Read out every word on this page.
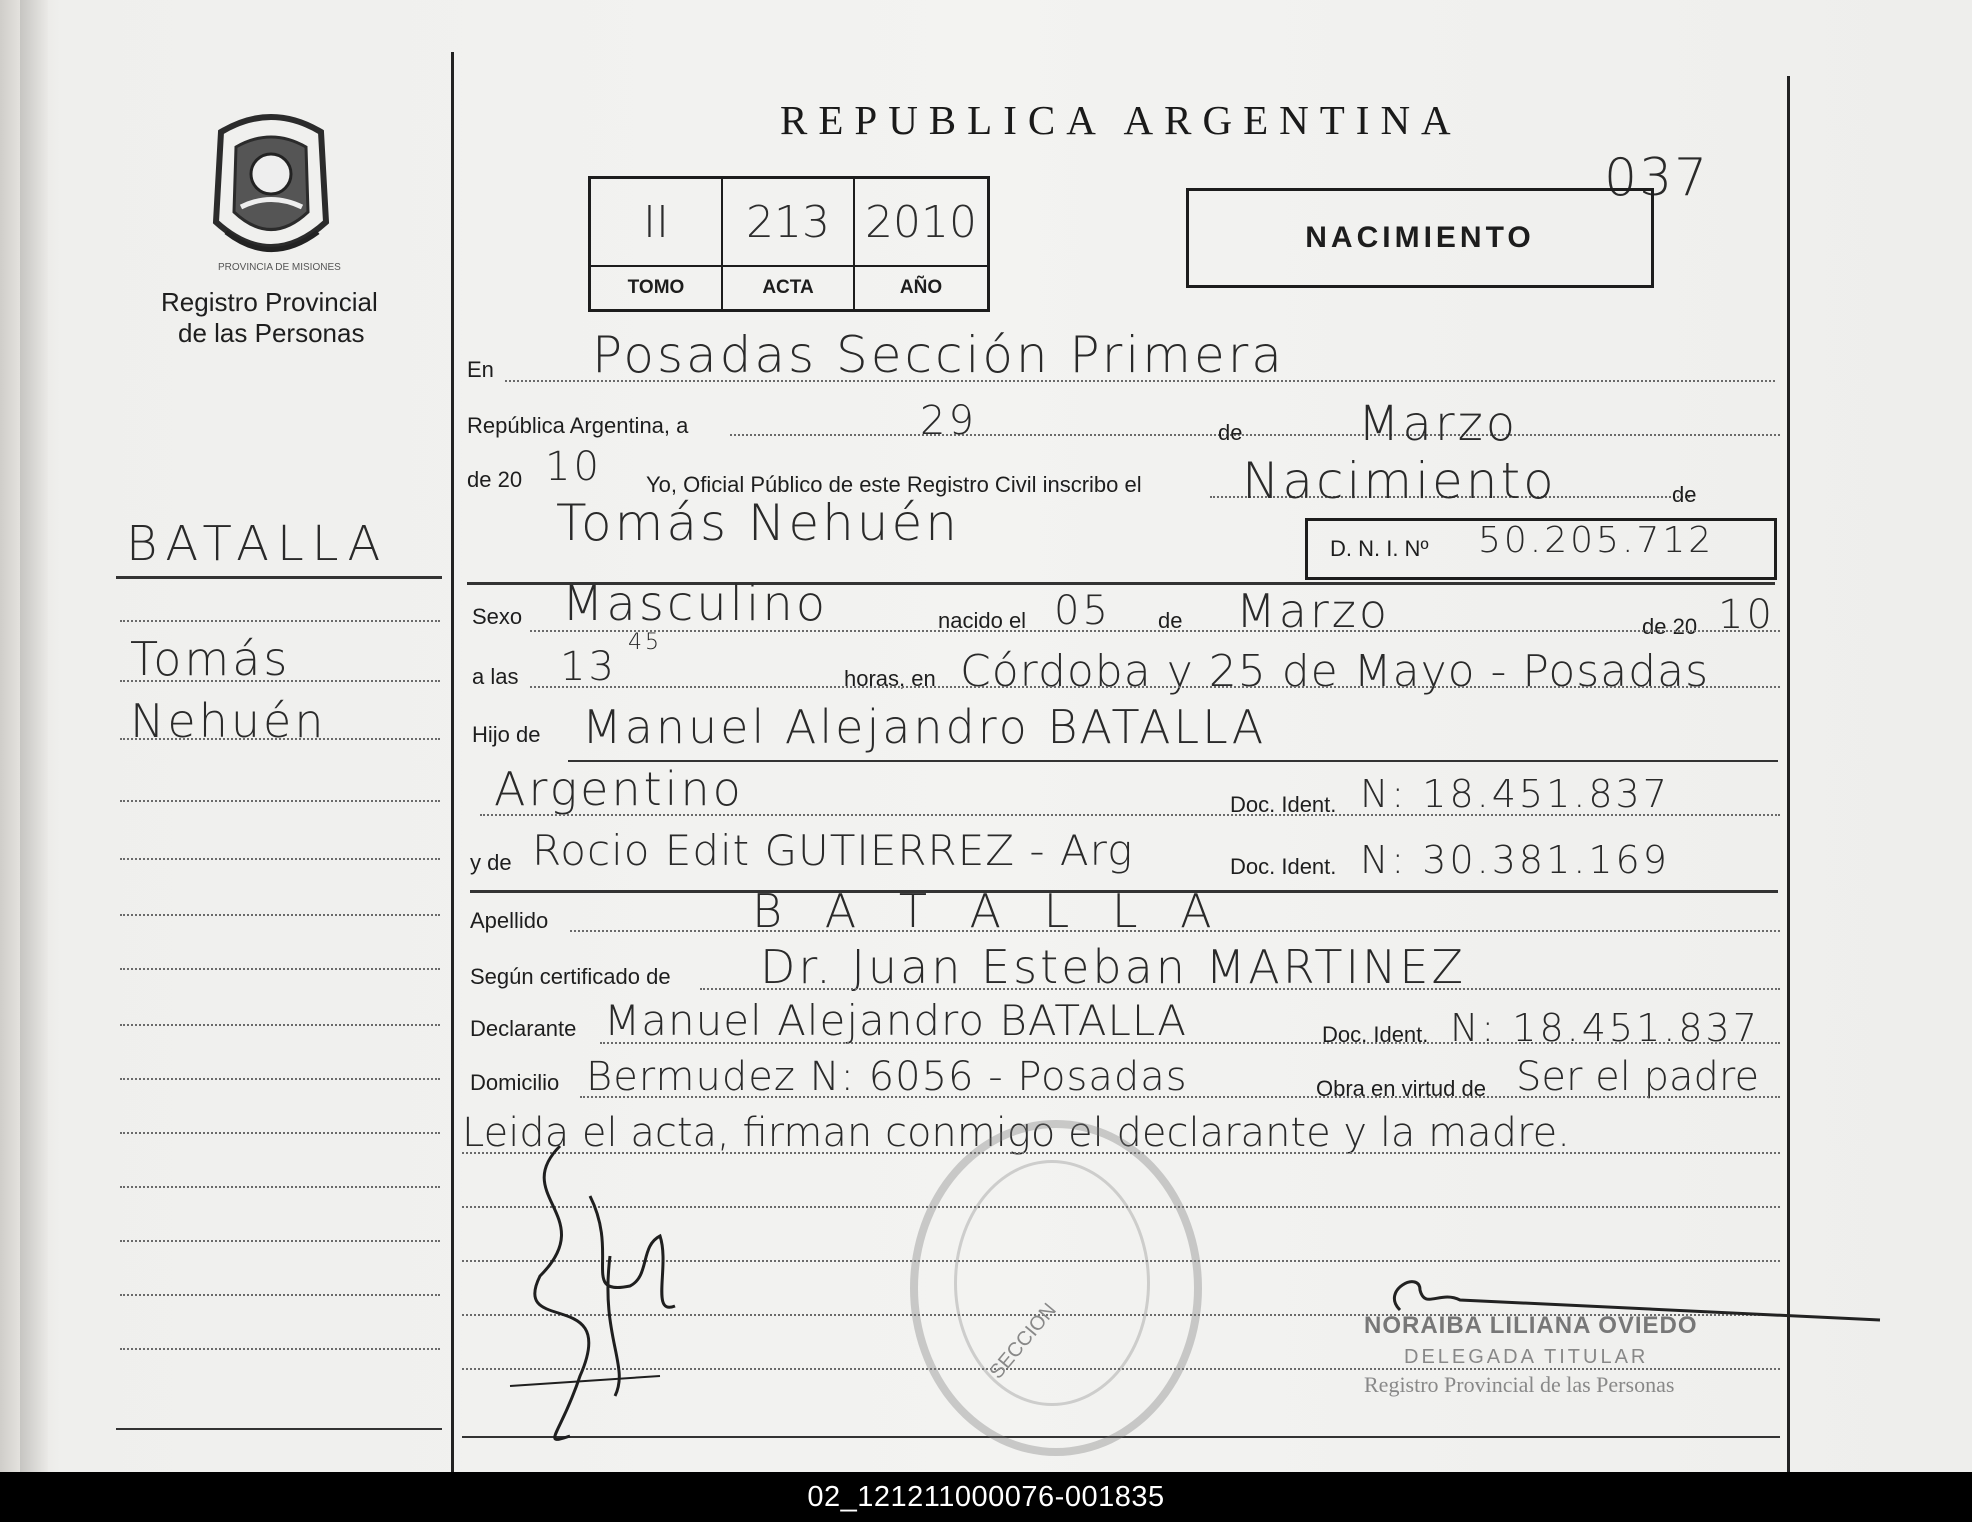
PROVINCIA DE MISIONES
Registro Provincial
de las Personas
REPUBLICA ARGENTINA
037
II	213 2010
TOMO	ACTA	AÑO
NACIMIENTO
BATALLA
Tomás
Nehuén
En Posadas Sección Primera
República Argentina, a	29	de Marzo
de 20 10 Yo, Oficial Público de este Registro Civil inscribo el Nacimiento	de
Tomás Nehuén	D. N. I. Nº 50.205.712
Sexo Masculino	nacido el 05 de Marzo	de 20 10
a las 13
45
horas, en Córdoba y 25 de Mayo - Posadas
Hijo de Manuel Alejandro BATALLA
Argentino	Doc. Ident. N: 18.451.837
y de Rocio Edit GUTIERREZ - Arg	Doc. Ident. N: 30.381.169
Apellido	B A T A L L A
Según certificado de Dr. Juan Esteban MARTINEZ
Declarante Manuel Alejandro BATALLA	Doc. Ident. N: 18.451.837
Domicilio Bermudez N: 6056 - Posadas	Obra en virtud de Ser el padre
Leida el acta, firman conmigo el declarante y la madre.
SECCION	NORAIBA LILIANA OVIEDO
DELEGADA TITULAR
Registro Provincial de las Personas
02_121211000076-001835
